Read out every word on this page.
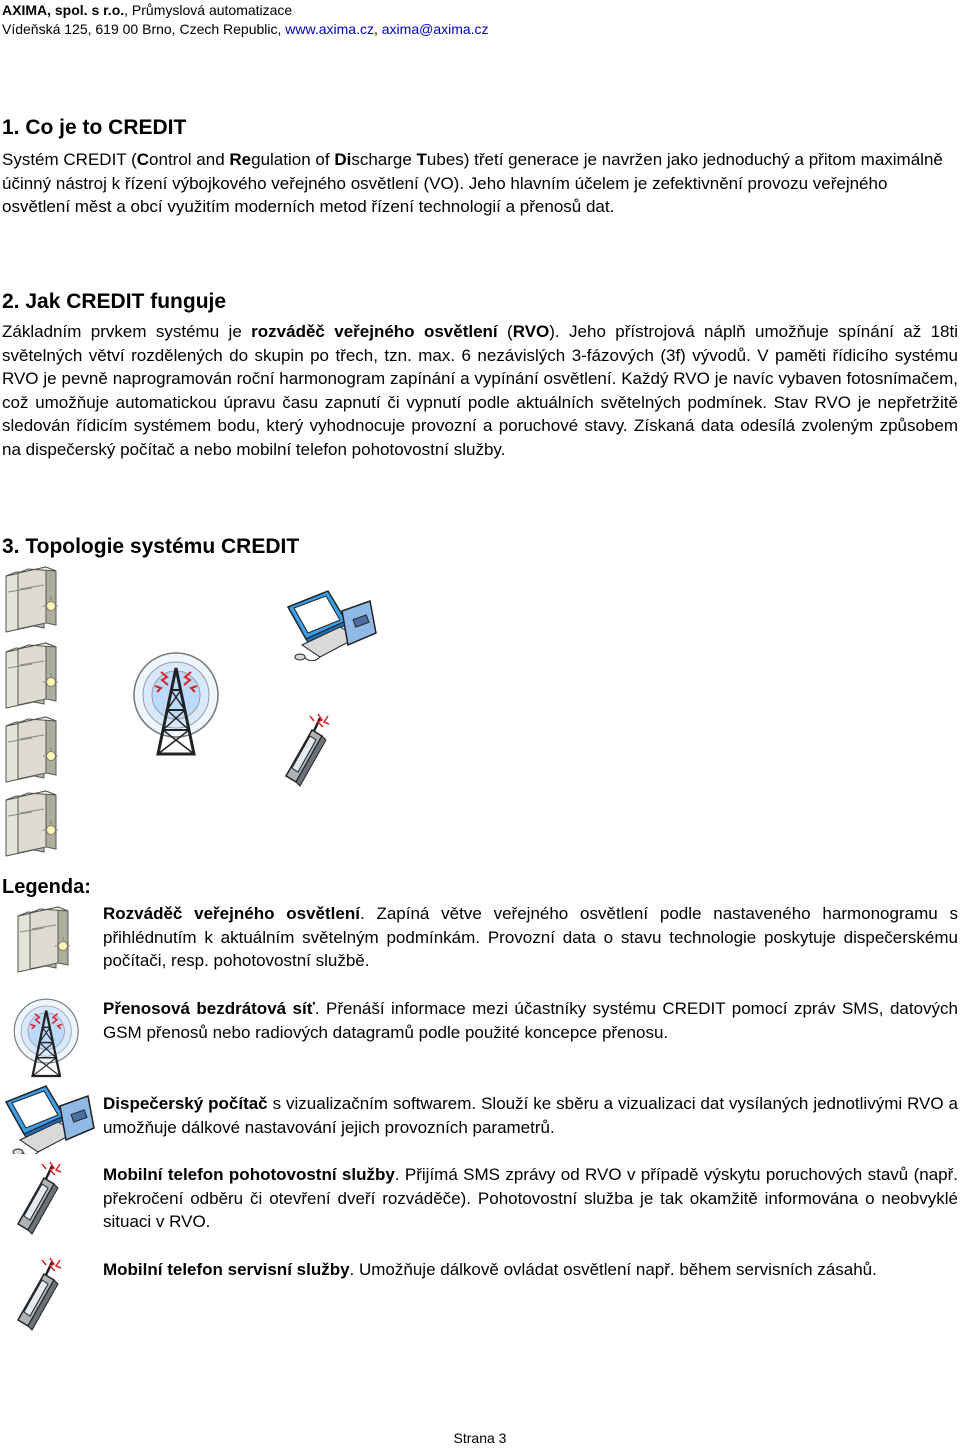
AXIMA, spol. s r.o., Průmyslová automatizace
Vídeňská 125, 619 00 Brno, Czech Republic, www.axima.cz, axima@axima.cz
1. Co je to CREDIT

Systém CREDIT (Control and Regulation of Discharge Tubes) třetí generace je navržen jako jednoduchý a přitom maximálně účinný nástroj k řízení výbojkového veřejného osvětlení (VO). Jeho hlavním účelem je zefektivnění provozu veřejného osvětlení měst a obcí využitím moderních metod řízení technologií a přenosů dat.

2. Jak CREDIT funguje

Základním prvkem systému je rozváděč veřejného osvětlení (RVO). Jeho přístrojová náplň umožňuje spínání až 18ti světelných větví rozdělených do skupin po třech, tzn. max. 6 nezávislých 3-fázových (3f) vývodů. V paměti řídicího systému RVO je pevně naprogramován roční harmonogram zapínání a vypínání osvětlení. Každý RVO je navíc vybaven fotosnímačem, což umožňuje automatickou úpravu času zapnutí či vypnutí podle aktuálních světelných podmínek. Stav RVO je nepřetržitě sledován řídicím systémem bodu, který vyhodnocuje provozní a poruchové stavy. Získaná data odesílá zvoleným způsobem na dispečerský počítač a nebo mobilní telefon pohotovostní služby.

3. Topologie systému CREDIT
Legenda:

Rozváděč veřejného osvětlení. Zapíná větve veřejného osvětlení podle nastaveného harmonogramu s přihlédnutím k aktuálním světelným podmínkám. Provozní data o stavu technologie poskytuje dispečerskému počítači, resp. pohotovostní službě.

Přenosová bezdrátová síť. Přenáší informace mezi účastníky systému CREDIT pomocí zpráv SMS, datových GSM přenosů nebo radiových datagramů podle použité koncepce přenosu.

Dispečerský počítač s vizualizačním softwarem. Slouží ke sběru a vizualizaci dat vysílaných jednotlivými RVO a umožňuje dálkové nastavování jejich provozních parametrů.

Mobilní telefon pohotovostní služby. Přijímá SMS zprávy od RVO v případě výskytu poruchových stavů (např. překročení odběru či otevření dveří rozváděče). Pohotovostní služba je tak okamžitě informována o neobvyklé situaci v RVO.

Mobilní telefon servisní služby. Umožňuje dálkově ovládat osvětlení např. během servisních zásahů.

Strana 3
